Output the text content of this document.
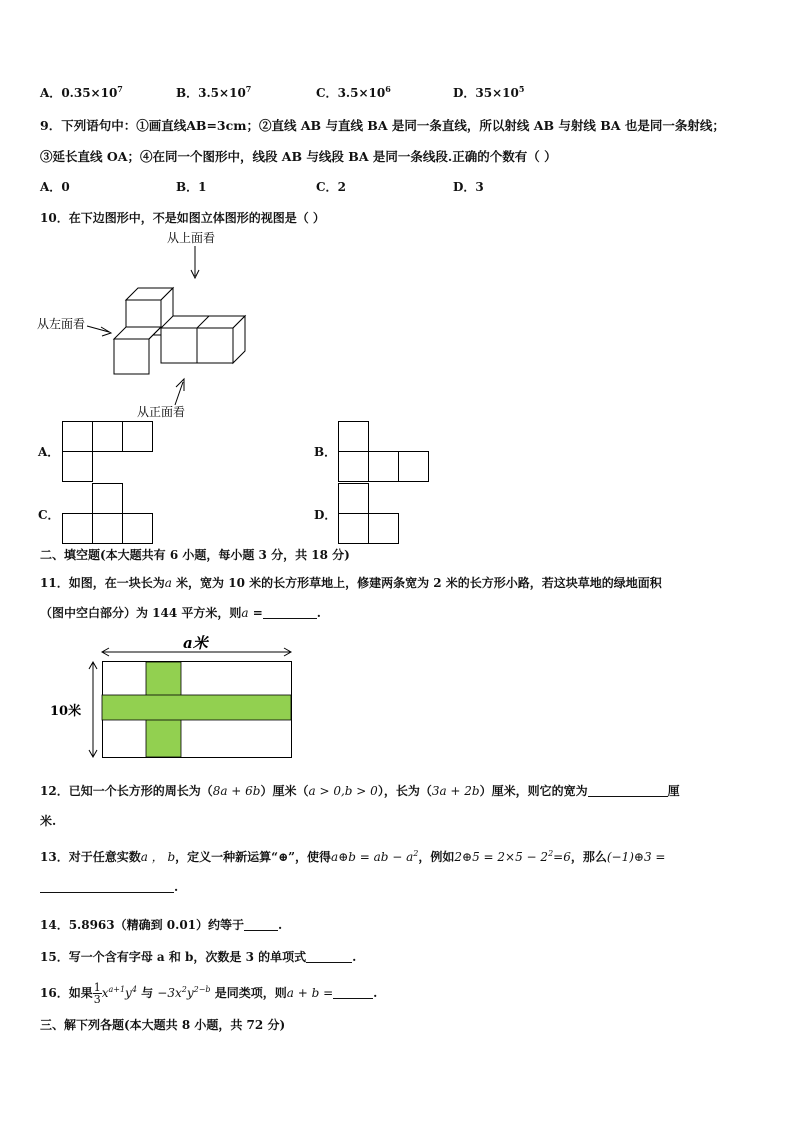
A．$0.35\times 10^7$	B．$3.5\times 10^7$	C．$3.5\times 10^6$	D．$35\times 10^5$
9．下列语句中：①画直线AB=3cm；②直线 AB 与直线 BA 是同一条直线，所以射线 AB 与射线 BA 也是同一条射线；
③延长直线 OA；④在同一个图形中，线段 AB 与线段 BA 是同一条线段.正确的个数有（ ）
A．0	B．1	C．2	D．3
10．在下边图形中，不是如图立体图形的视图是（ ）
从上面看
从左面看
从正面看
A．	B．
C．	D．
二、填空题(本大题共有 6 小题，每小题 3 分，共 18 分)
11．如图，在一块长为a 米，宽为 10 米的长方形草地上，修建两条宽为 2 米的长方形小路，若这块草地的绿地面积
（图中空白部分）为 144 平方米，则a =	.
a米
10米
12．已知一个长方形的周长为（8a + 6b）厘米（a > 0,b > 0），长为（3a + 2b）厘米，则它的宽为	厘
米.
13．对于任意实数a ， b，定义一种新运算“⊕”，使得a⊕b = ab − $a^2$，例如2⊕5 = $2\times 5 - 2^2=6$，那么(−1)⊕3 =
.
14．5.8963（精确到 0.01）约等于	.
15．写一个含有字母 a 和 b，次数是 3 的单项式	.
16．如果 $\frac{1}{3}x^{a+1}y^4$ 与 $-3x^2y^{2-b}$ 是同类项，则a + b =	.
三、解下列各题(本大题共 8 小题，共 72 分)
